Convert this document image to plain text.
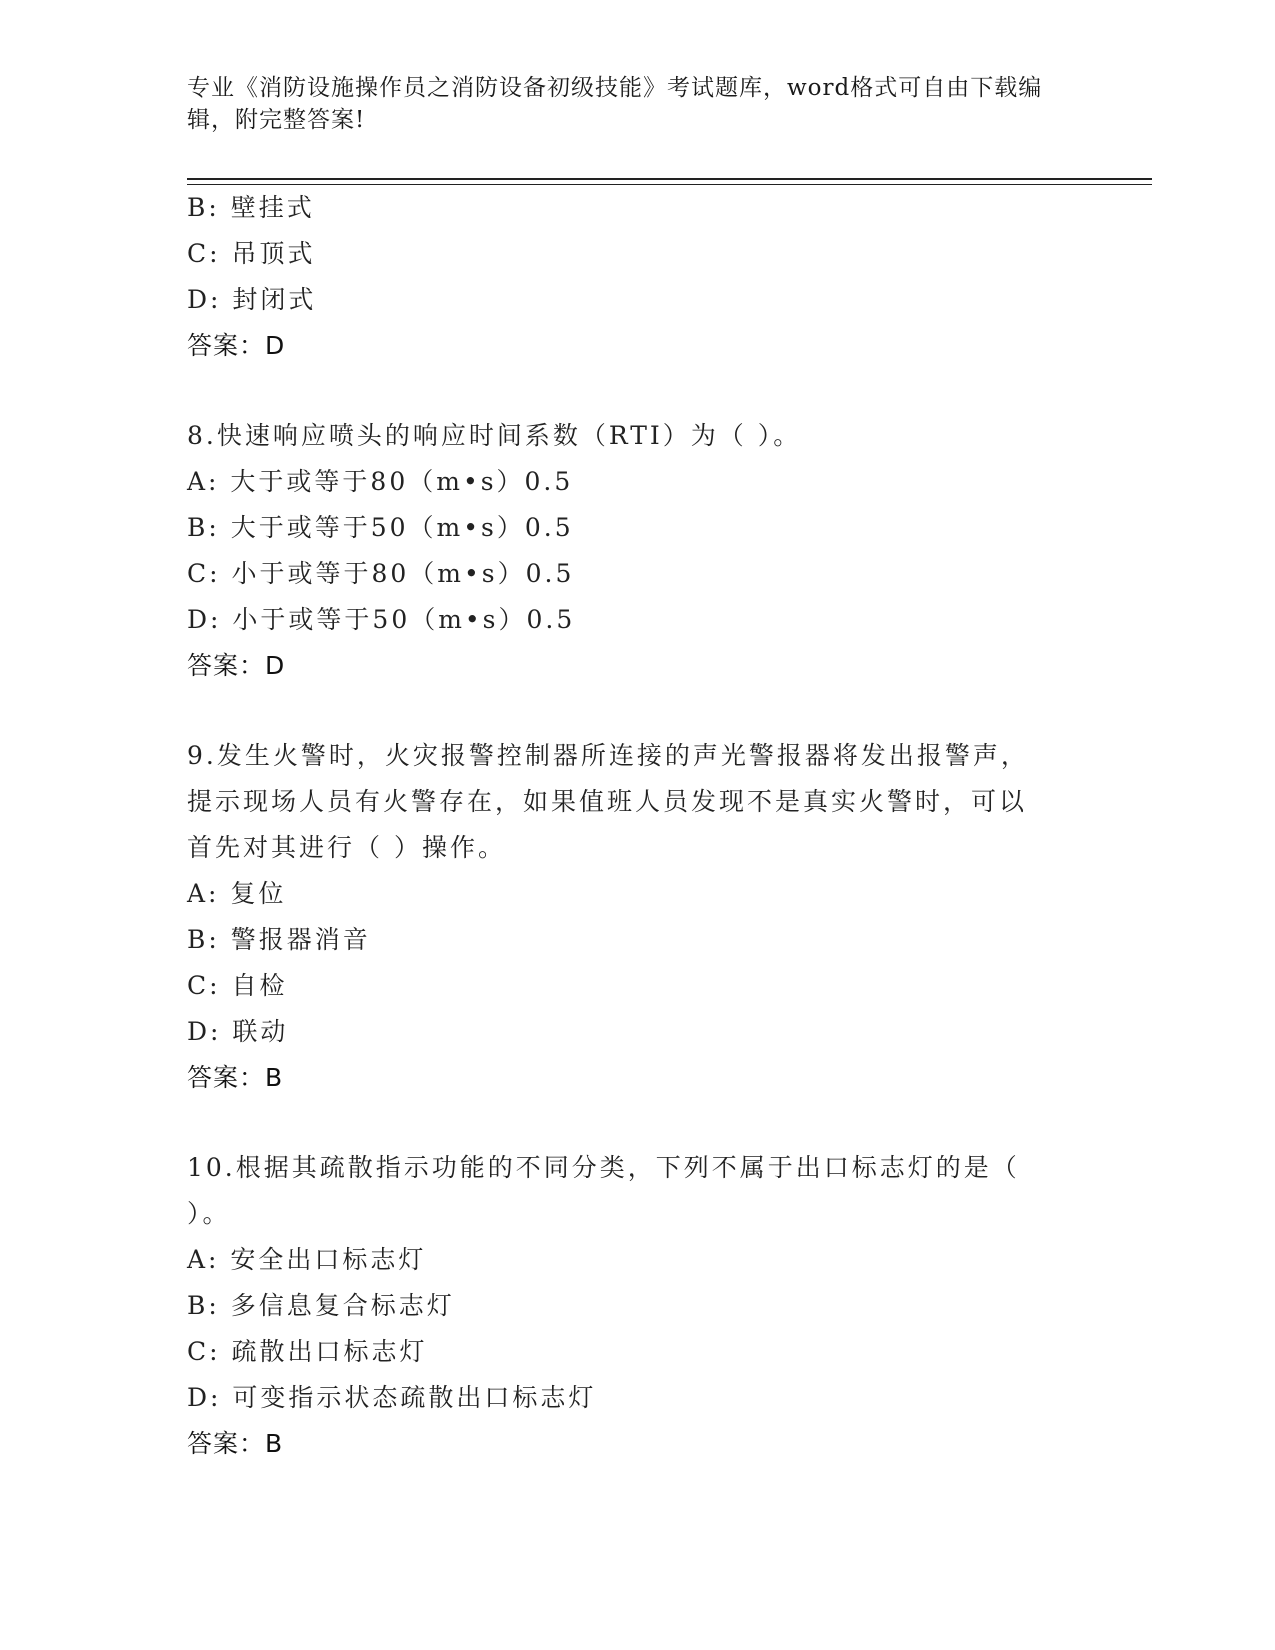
专业《消防设施操作员之消防设备初级技能》考试题库，word格式可自由下载编
辑，附完整答案!
B: 壁挂式
C: 吊顶式
D: 封闭式
答案：D
8.快速响应喷头的响应时间系数（RTI）为（ ）。
A: 大于或等于80（m•s）0.5
B: 大于或等于50（m•s）0.5
C: 小于或等于80（m•s）0.5
D: 小于或等于50（m•s）0.5
答案：D
9.发生火警时，火灾报警控制器所连接的声光警报器将发出报警声，
提示现场人员有火警存在，如果值班人员发现不是真实火警时，可以
首先对其进行（ ）操作。
A: 复位
B: 警报器消音
C: 自检
D: 联动
答案：B
10.根据其疏散指示功能的不同分类，下列不属于出口标志灯的是（
）。
A: 安全出口标志灯
B: 多信息复合标志灯
C: 疏散出口标志灯
D: 可变指示状态疏散出口标志灯
答案：B
